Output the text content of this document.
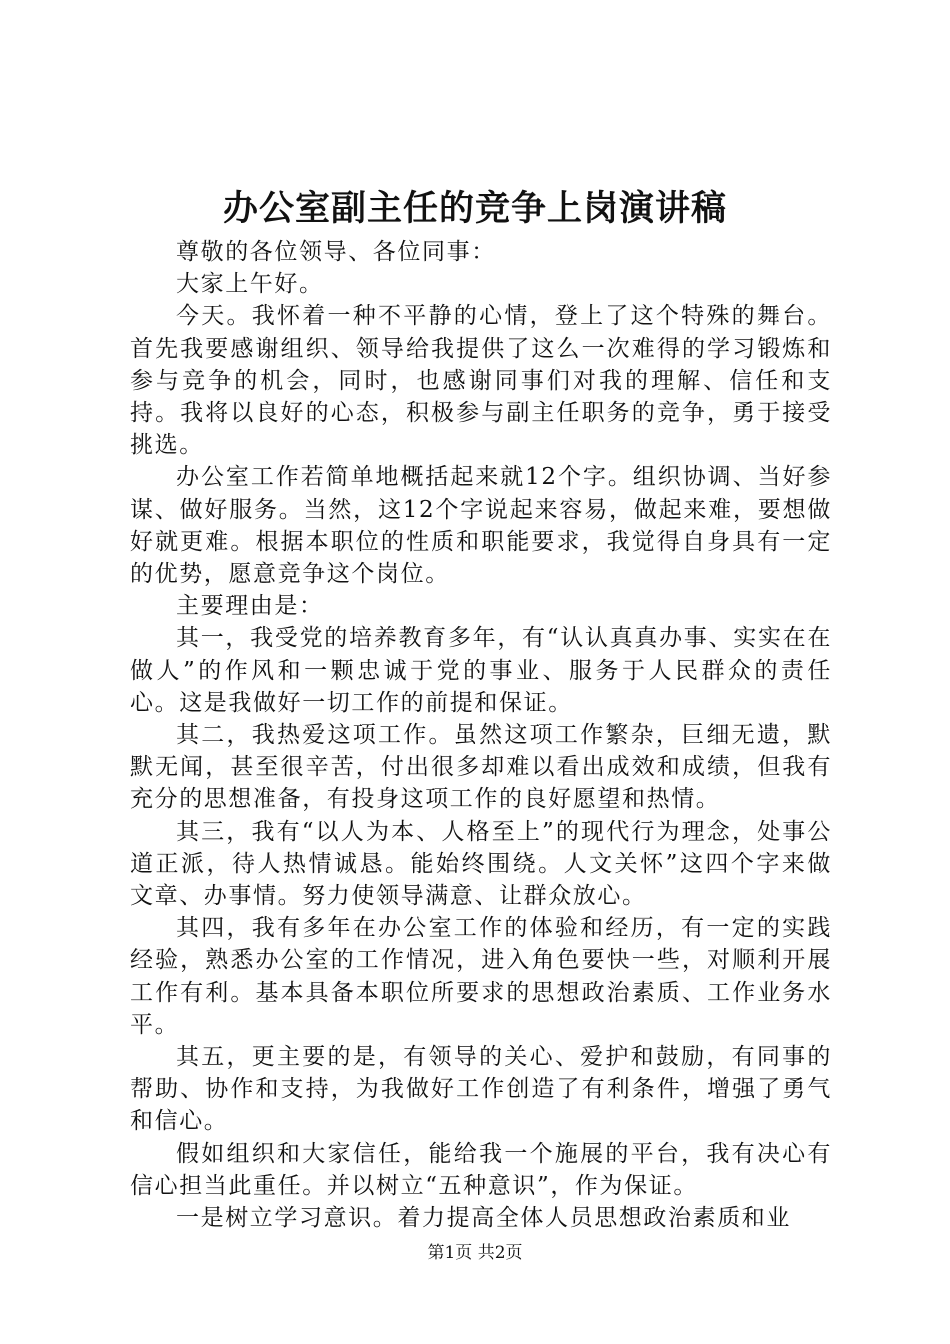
办公室副主任的竞争上岗演讲稿

尊敬的各位领导、各位同事：

大家上午好。

今天。我怀着一种不平静的心情，登上了这个特殊的舞台。首先我要感谢组织、领导给我提供了这么一次难得的学习锻炼和参与竞争的机会，同时，也感谢同事们对我的理解、信任和支持。我将以良好的心态，积极参与副主任职务的竞争，勇于接受挑选。

办公室工作若简单地概括起来就12个字。组织协调、当好参谋、做好服务。当然，这12个字说起来容易，做起来难，要想做好就更难。根据本职位的性质和职能要求，我觉得自身具有一定的优势，愿意竞争这个岗位。

主要理由是：

其一，我受党的培养教育多年，有“认认真真办事、实实在在做人”的作风和一颗忠诚于党的事业、服务于人民群众的责任心。这是我做好一切工作的前提和保证。

其二，我热爱这项工作。虽然这项工作繁杂，巨细无遗，默默无闻，甚至很辛苦，付出很多却难以看出成效和成绩，但我有充分的思想准备，有投身这项工作的良好愿望和热情。

其三，我有“以人为本、人格至上”的现代行为理念，处事公道正派，待人热情诚恳。能始终围绕。人文关怀”这四个字来做文章、办事情。努力使领导满意、让群众放心。

其四，我有多年在办公室工作的体验和经历，有一定的实践经验，熟悉办公室的工作情况，进入角色要快一些，对顺利开展工作有利。基本具备本职位所要求的思想政治素质、工作业务水平。

其五，更主要的是，有领导的关心、爱护和鼓励，有同事的帮助、协作和支持，为我做好工作创造了有利条件，增强了勇气和信心。

假如组织和大家信任，能给我一个施展的平台，我有决心有信心担当此重任。并以树立“五种意识”，作为保证。

一是树立学习意识。着力提高全体人员思想政治素质和业

第1页 共2页
